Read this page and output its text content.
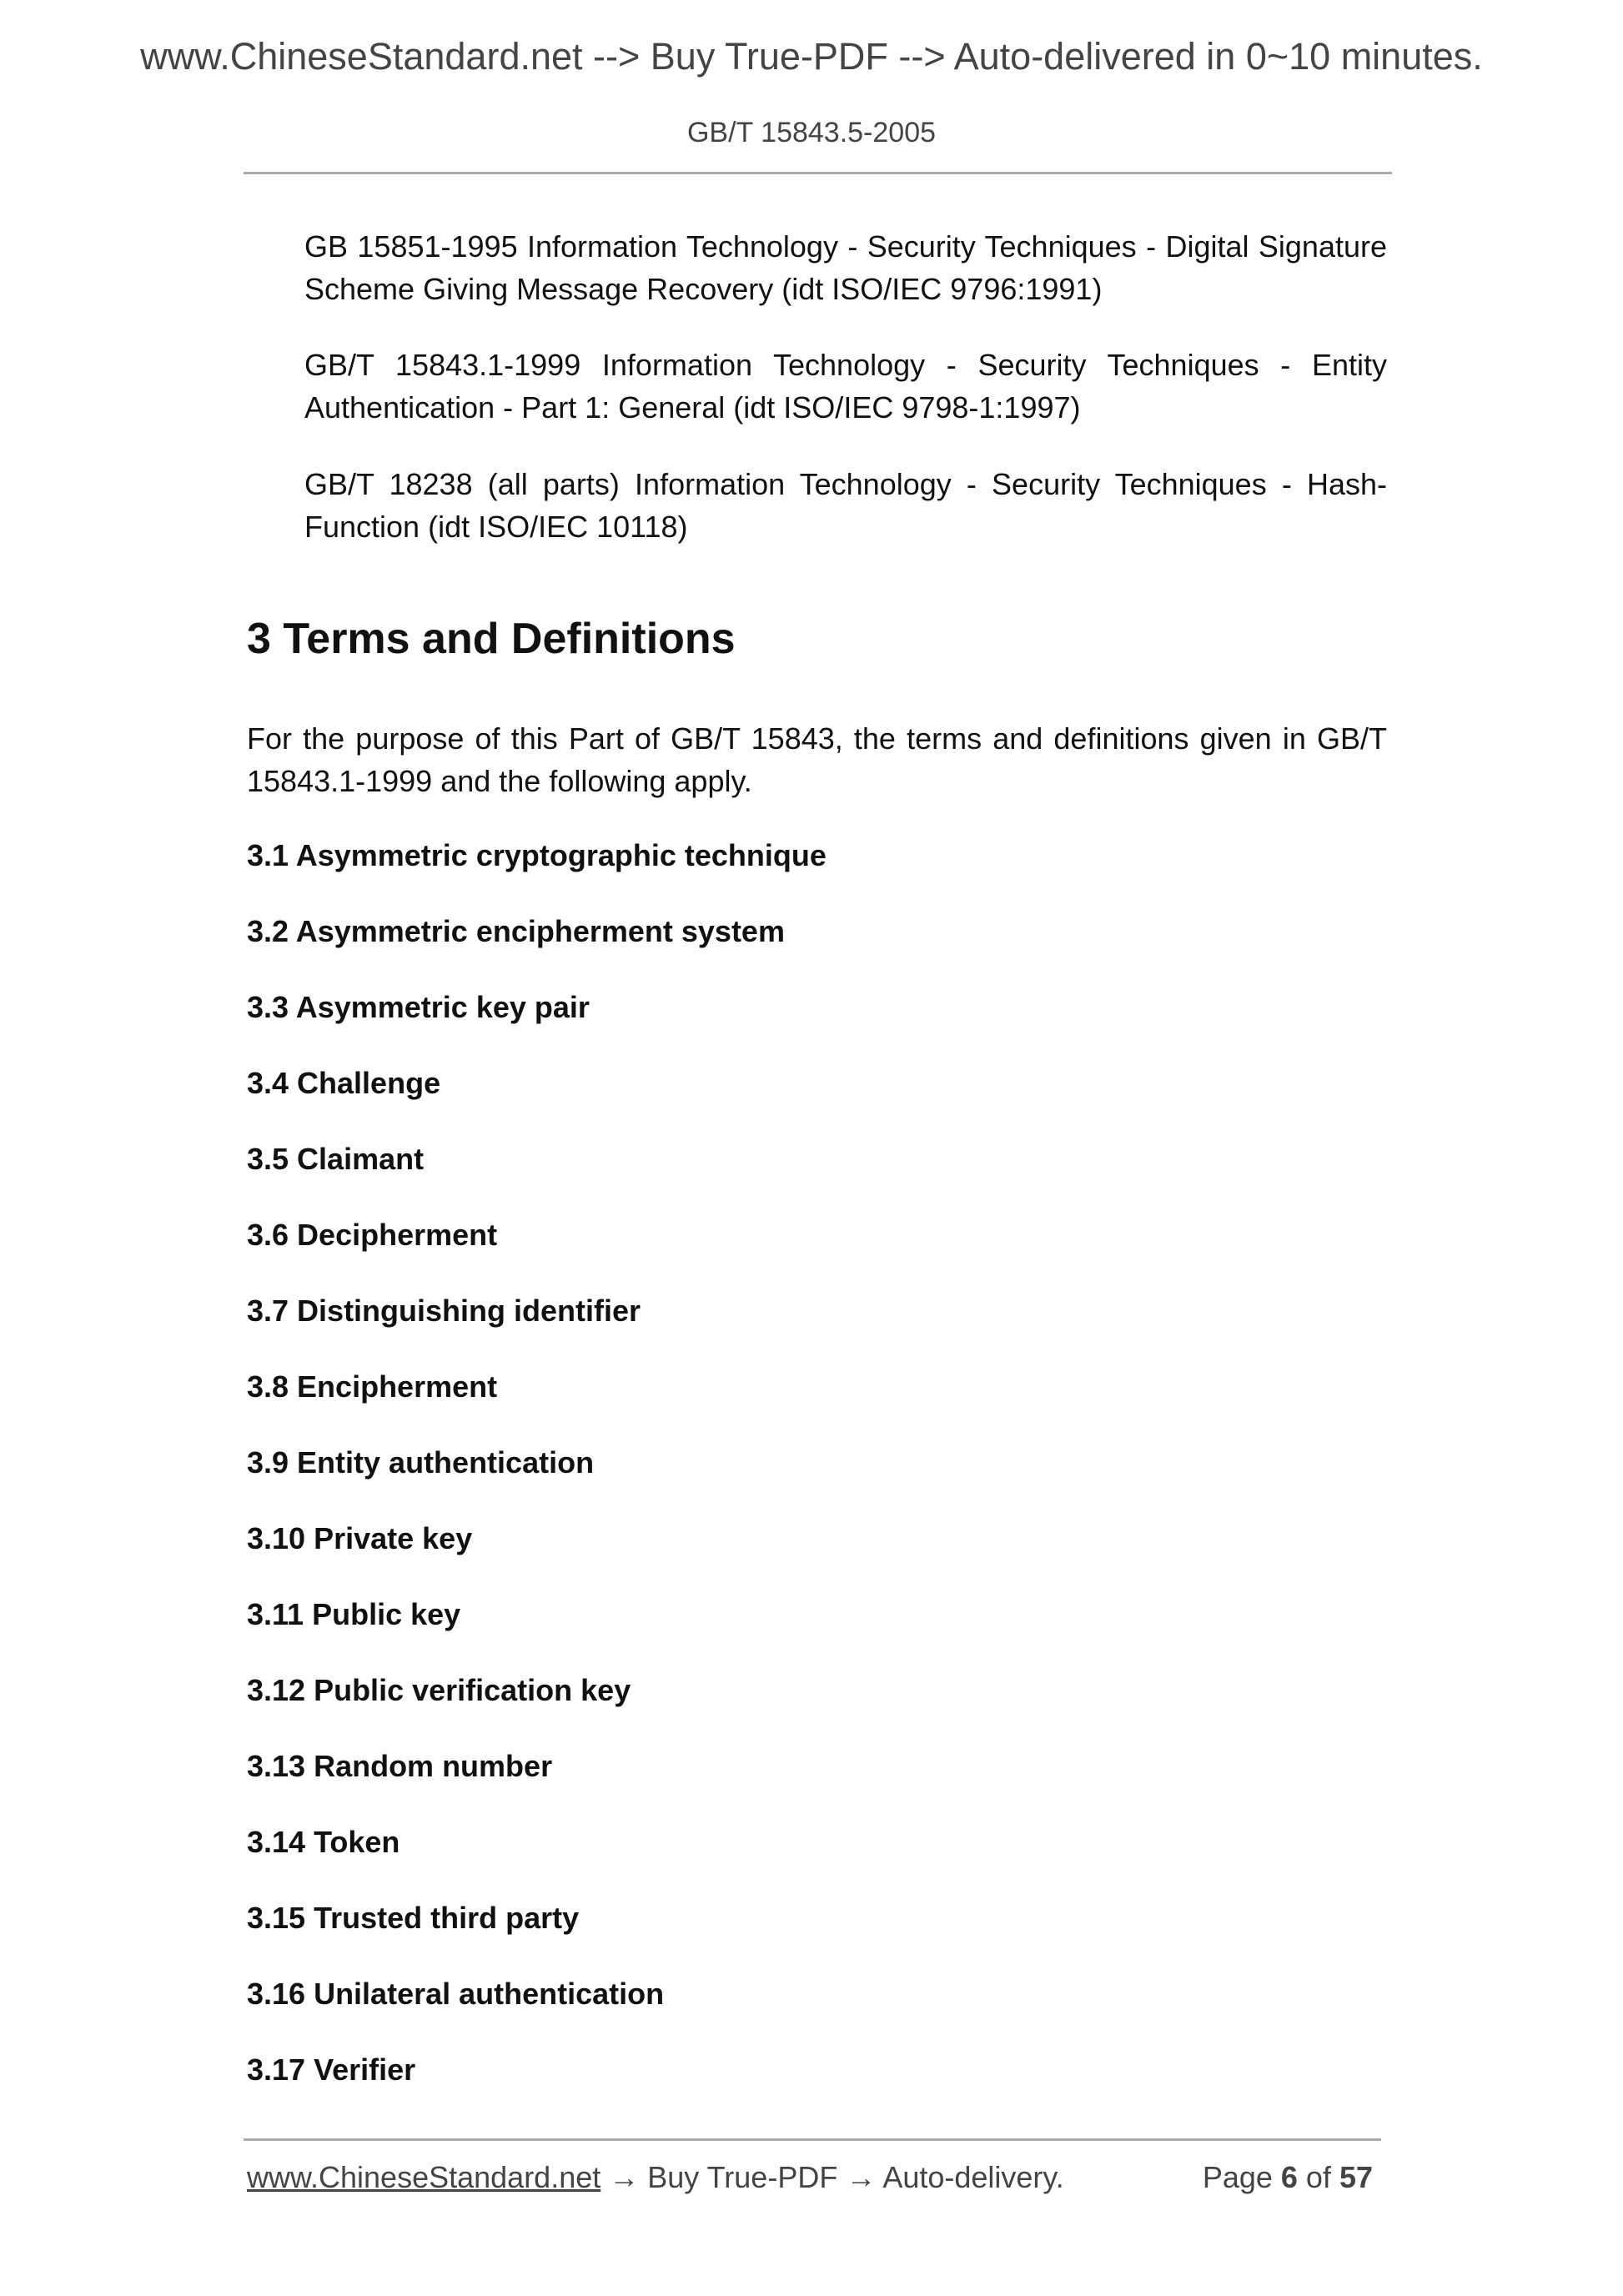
www.ChineseStandard.net --> Buy True-PDF --> Auto-delivered in 0~10 minutes.
GB/T 15843.5-2005
GB 15851-1995 Information Technology - Security Techniques - Digital Signature Scheme Giving Message Recovery (idt ISO/IEC 9796:1991)
GB/T 15843.1-1999 Information Technology - Security Techniques - Entity Authentication - Part 1: General (idt ISO/IEC 9798-1:1997)
GB/T 18238 (all parts) Information Technology - Security Techniques - Hash-Function (idt ISO/IEC 10118)
3 Terms and Definitions
For the purpose of this Part of GB/T 15843, the terms and definitions given in GB/T 15843.1-1999 and the following apply.
3.1 Asymmetric cryptographic technique
3.2 Asymmetric encipherment system
3.3 Asymmetric key pair
3.4 Challenge
3.5 Claimant
3.6 Decipherment
3.7 Distinguishing identifier
3.8 Encipherment
3.9 Entity authentication
3.10 Private key
3.11 Public key
3.12 Public verification key
3.13 Random number
3.14 Token
3.15 Trusted third party
3.16 Unilateral authentication
3.17 Verifier
www.ChineseStandard.net → Buy True-PDF → Auto-delivery.	Page 6 of 57
